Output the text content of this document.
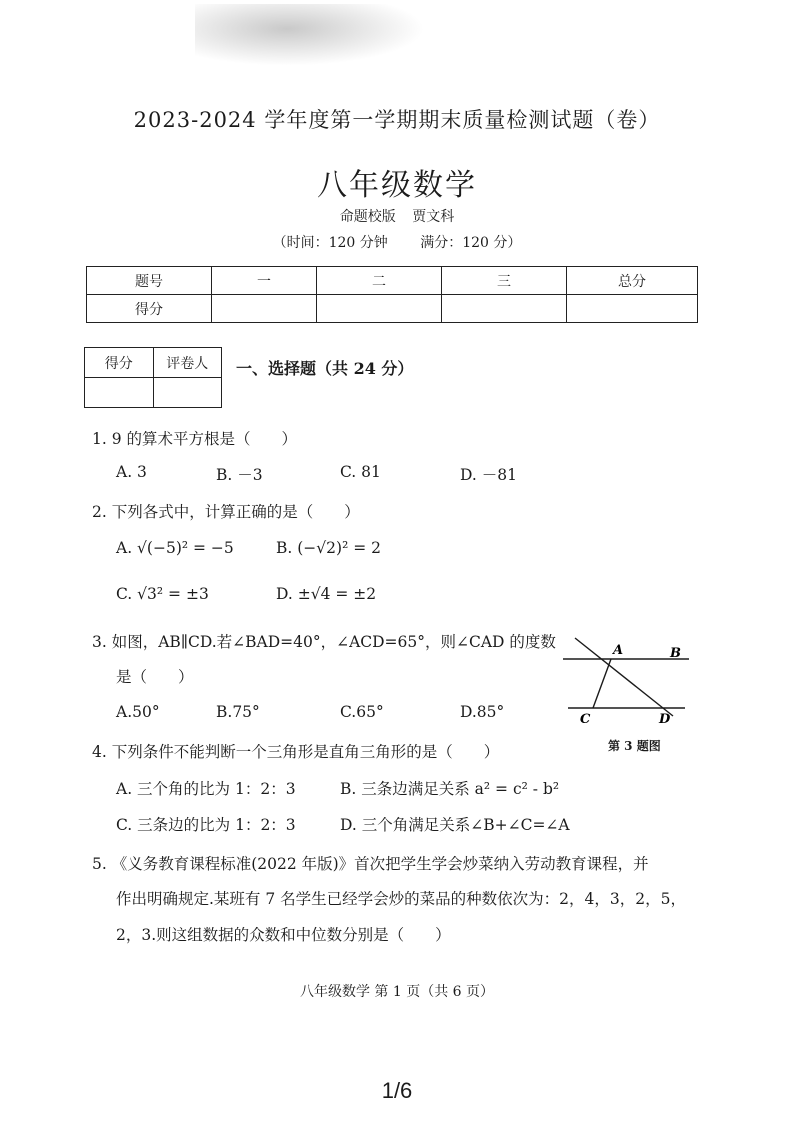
2023-2024 学年度第一学期期末质量检测试题（卷）
八年级数学
命题校版 贾文科
（时间：120 分钟 满分：120 分）
题号	一	二	三	总分
得分				
得分	评卷人
	一、选择题（共 24 分）
1. 9 的算术平方根是（　　）
A. 3	B. －3	C. 81	D. －81
2. 下列各式中，计算正确的是（　　）
A. √(−5)² = −5	B. (−√2)² = 2
C. √3² = ±3	D. ±√4 = ±2
3. 如图，AB∥CD.若∠BAD=40°，∠ACD=65°，则∠CAD 的度数
是（　　）
A.50°	B.75°	C.65°	D.85°
A	B
C	D
第 3 题图
4. 下列条件不能判断一个三角形是直角三角形的是（　　）
A. 三个角的比为 1：2：3	B. 三条边满足关系 a² = c² - b²
C. 三条边的比为 1：2：3	D. 三个角满足关系∠B+∠C=∠A
5. 《义务教育课程标准(2022 年版)》首次把学生学会炒菜纳入劳动教育课程，并
作出明确规定.某班有 7 名学生已经学会炒的菜品的种数依次为：2，4，3，2，5，
2，3.则这组数据的众数和中位数分别是（　　）
八年级数学 第 1 页（共 6 页）
1/6
